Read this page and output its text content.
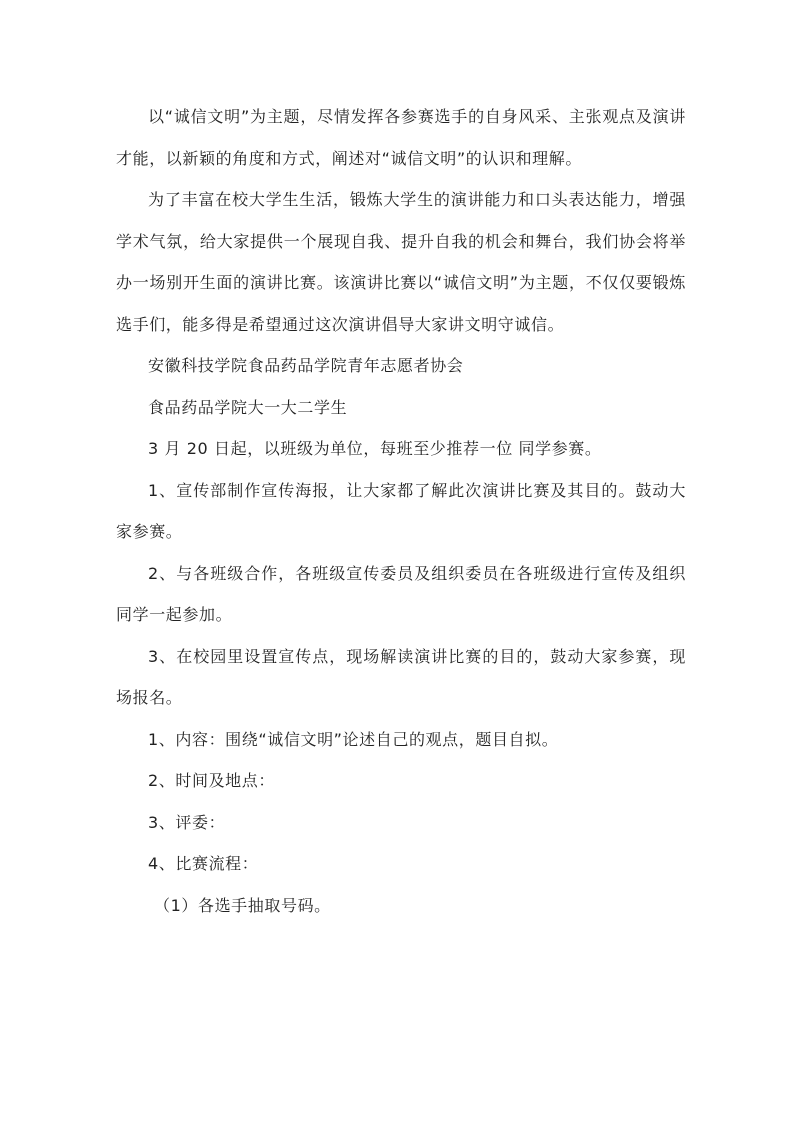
以“诚信文明”为主题，尽情发挥各参赛选手的自身风采、主张观点及演讲才能，以新颖的角度和方式，阐述对“诚信文明”的认识和理解。

为了丰富在校大学生生活，锻炼大学生的演讲能力和口头表达能力，增强学术气氛，给大家提供一个展现自我、提升自我的机会和舞台，我们协会将举办一场别开生面的演讲比赛。该演讲比赛以“诚信文明”为主题，不仅仅要锻炼选手们，能多得是希望通过这次演讲倡导大家讲文明守诚信。

安徽科技学院食品药品学院青年志愿者协会

食品药品学院大一大二学生

3 月 20 日起，以班级为单位，每班至少推荐一位 同学参赛。

1、宣传部制作宣传海报，让大家都了解此次演讲比赛及其目的。鼓动大家参赛。

2、与各班级合作，各班级宣传委员及组织委员在各班级进行宣传及组织同学一起参加。

3、在校园里设置宣传点，现场解读演讲比赛的目的，鼓动大家参赛，现场报名。

1、内容：围绕“诚信文明”论述自己的观点，题目自拟。

2、时间及地点：

3、评委：

4、比赛流程：

（1）各选手抽取号码。
